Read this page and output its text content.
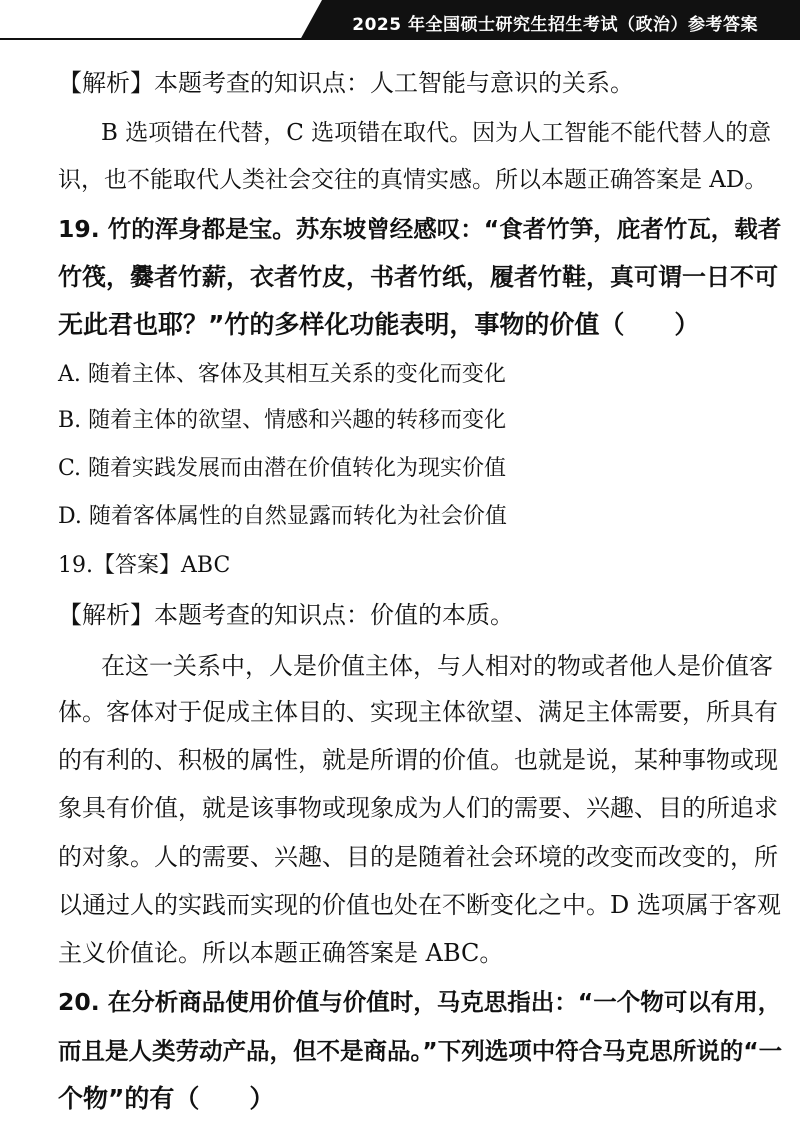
2025 年全国硕士研究生招生考试（政治）参考答案
【解析】本题考查的知识点：人工智能与意识的关系。
B 选项错在代替，C 选项错在取代。因为人工智能不能代替人的意
识，也不能取代人类社会交往的真情实感。所以本题正确答案是 AD。
19. 竹的浑身都是宝。苏东坡曾经感叹：“食者竹笋，庇者竹瓦，载者
竹筏，爨者竹薪，衣者竹皮，书者竹纸，履者竹鞋，真可谓一日不可
无此君也耶？”竹的多样化功能表明，事物的价值（　　）
A. 随着主体、客体及其相互关系的变化而变化
B. 随着主体的欲望、情感和兴趣的转移而变化
C. 随着实践发展而由潜在价值转化为现实价值
D. 随着客体属性的自然显露而转化为社会价值
19.【答案】ABC
【解析】本题考查的知识点：价值的本质。
在这一关系中，人是价值主体，与人相对的物或者他人是价值客
体。客体对于促成主体目的、实现主体欲望、满足主体需要，所具有
的有利的、积极的属性，就是所谓的价值。也就是说，某种事物或现
象具有价值，就是该事物或现象成为人们的需要、兴趣、目的所追求
的对象。人的需要、兴趣、目的是随着社会环境的改变而改变的，所
以通过人的实践而实现的价值也处在不断变化之中。D 选项属于客观
主义价值论。所以本题正确答案是 ABC。
20. 在分析商品使用价值与价值时，马克思指出：“一个物可以有用，
而且是人类劳动产品，但不是商品。”下列选项中符合马克思所说的“一
个物”的有（　　）
